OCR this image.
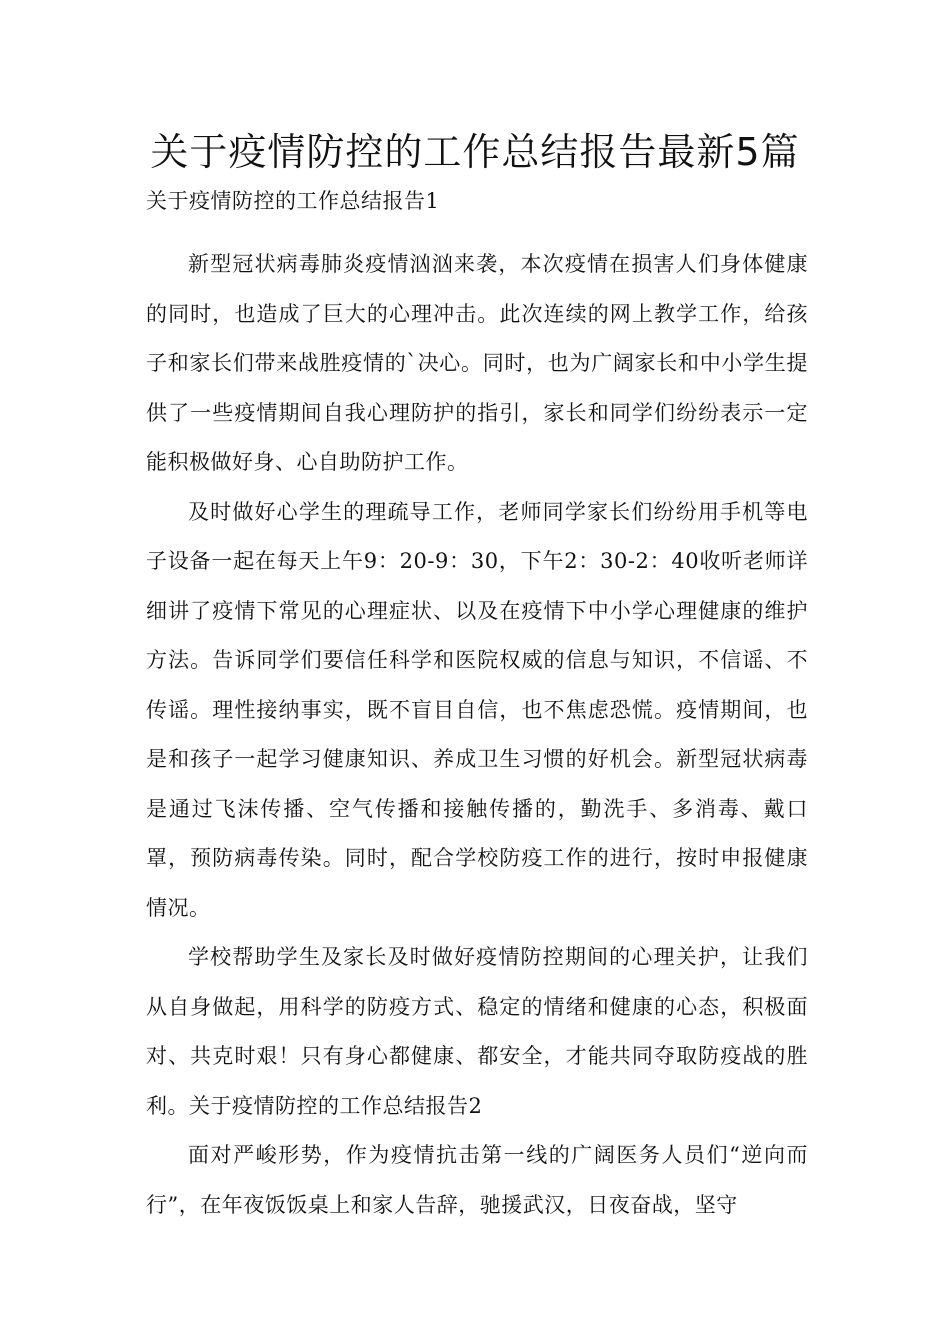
关于疫情防控的工作总结报告最新5篇

关于疫情防控的工作总结报告1

新型冠状病毒肺炎疫情汹汹来袭，本次疫情在损害人们身体健康的同时，也造成了巨大的心理冲击。此次连续的网上教学工作，给孩子和家长们带来战胜疫情的`决心。同时，也为广阔家长和中小学生提供了一些疫情期间自我心理防护的指引，家长和同学们纷纷表示一定能积极做好身、心自助防护工作。

及时做好心学生的理疏导工作，老师同学家长们纷纷用手机等电子设备一起在每天上午9：20-9：30，下午2：30-2：40收听老师详细讲了疫情下常见的心理症状、以及在疫情下中小学心理健康的维护方法。告诉同学们要信任科学和医院权威的信息与知识，不信谣、不传谣。理性接纳事实，既不盲目自信，也不焦虑恐慌。疫情期间，也是和孩子一起学习健康知识、养成卫生习惯的好机会。新型冠状病毒是通过飞沫传播、空气传播和接触传播的，勤洗手、多消毒、戴口罩，预防病毒传染。同时，配合学校防疫工作的进行，按时申报健康情况。

学校帮助学生及家长及时做好疫情防控期间的心理关护，让我们从自身做起，用科学的防疫方式、稳定的情绪和健康的心态，积极面对、共克时艰！只有身心都健康、都安全，才能共同夺取防疫战的胜利。关于疫情防控的工作总结报告2

面对严峻形势，作为疫情抗击第一线的广阔医务人员们“逆向而行”，在年夜饭饭桌上和家人告辞，驰援武汉，日夜奋战，坚守
